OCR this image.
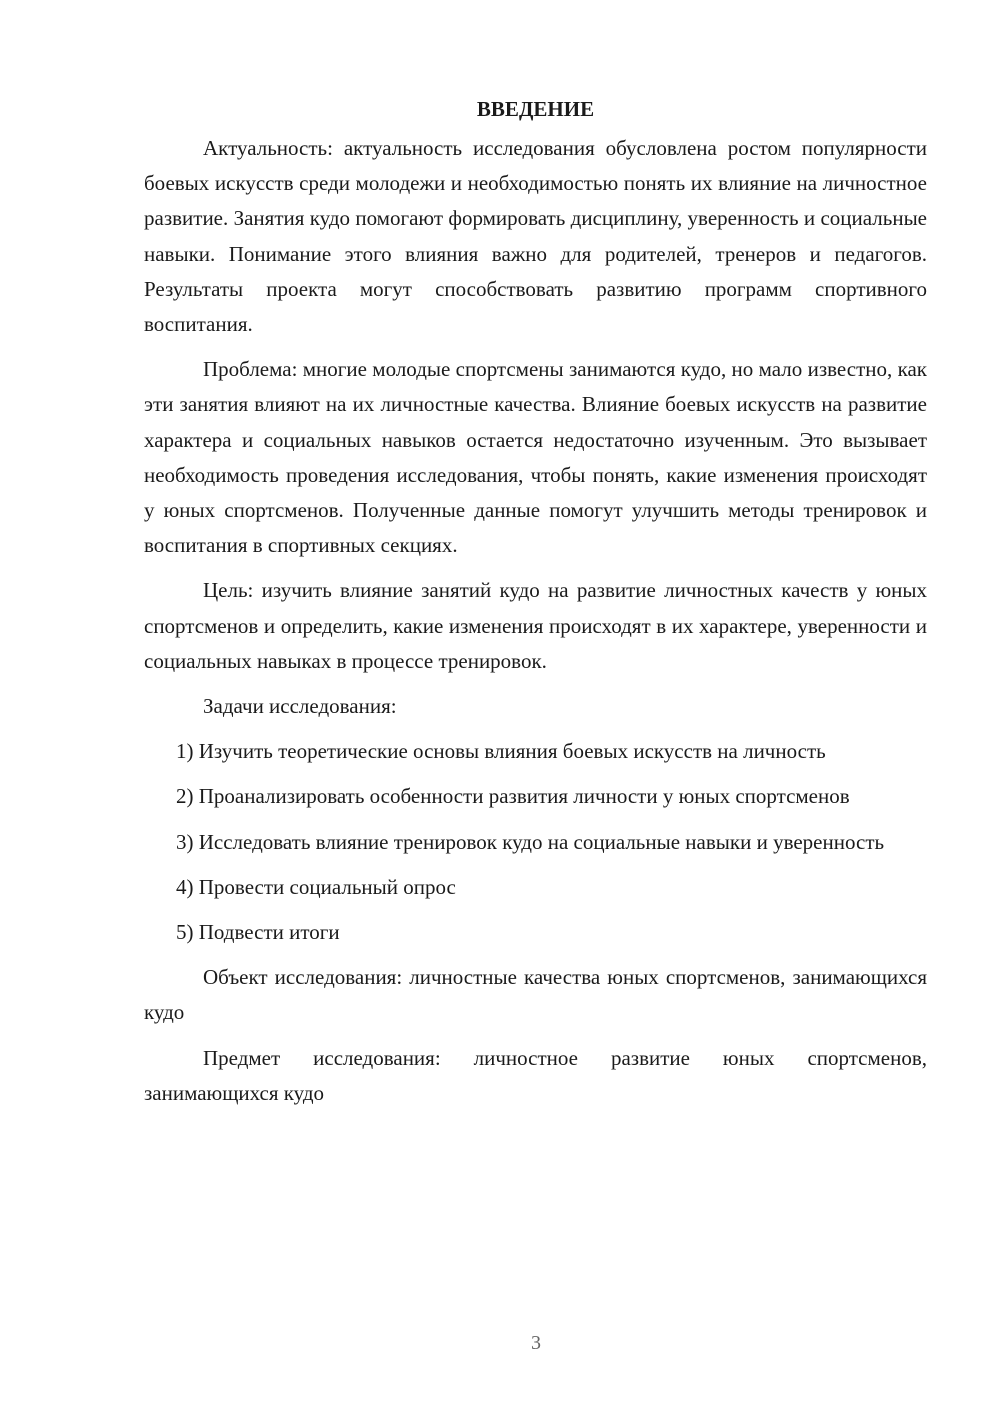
ВВЕДЕНИЕ

Актуальность: актуальность исследования обусловлена ростом популярности боевых искусств среди молодежи и необходимостью понять их влияние на личностное развитие. Занятия кудо помогают формировать дисциплину, уверенность и социальные навыки. Понимание этого влияния важно для родителей, тренеров и педагогов. Результаты проекта могут способствовать развитию программ спортивного воспитания.

Проблема: многие молодые спортсмены занимаются кудо, но мало известно, как эти занятия влияют на их личностные качества. Влияние боевых искусств на развитие характера и социальных навыков остается недостаточно изученным. Это вызывает необходимость проведения исследования, чтобы понять, какие изменения происходят у юных спортсменов. Полученные данные помогут улучшить методы тренировок и воспитания в спортивных секциях.

Цель: изучить влияние занятий кудо на развитие личностных качеств у юных спортсменов и определить, какие изменения происходят в их характере, уверенности и социальных навыках в процессе тренировок.

Задачи исследования:

1) Изучить теоретические основы влияния боевых искусств на личность

2) Проанализировать особенности развития личности у юных спортсменов

3) Исследовать влияние тренировок кудо на социальные навыки и уверенность

4) Провести социальный опрос

5) Подвести итоги

Объект исследования: личностные качества юных спортсменов, занимающихся кудо

Предмет исследования: личностное развитие юных спортсменов, занимающихся кудо

3
